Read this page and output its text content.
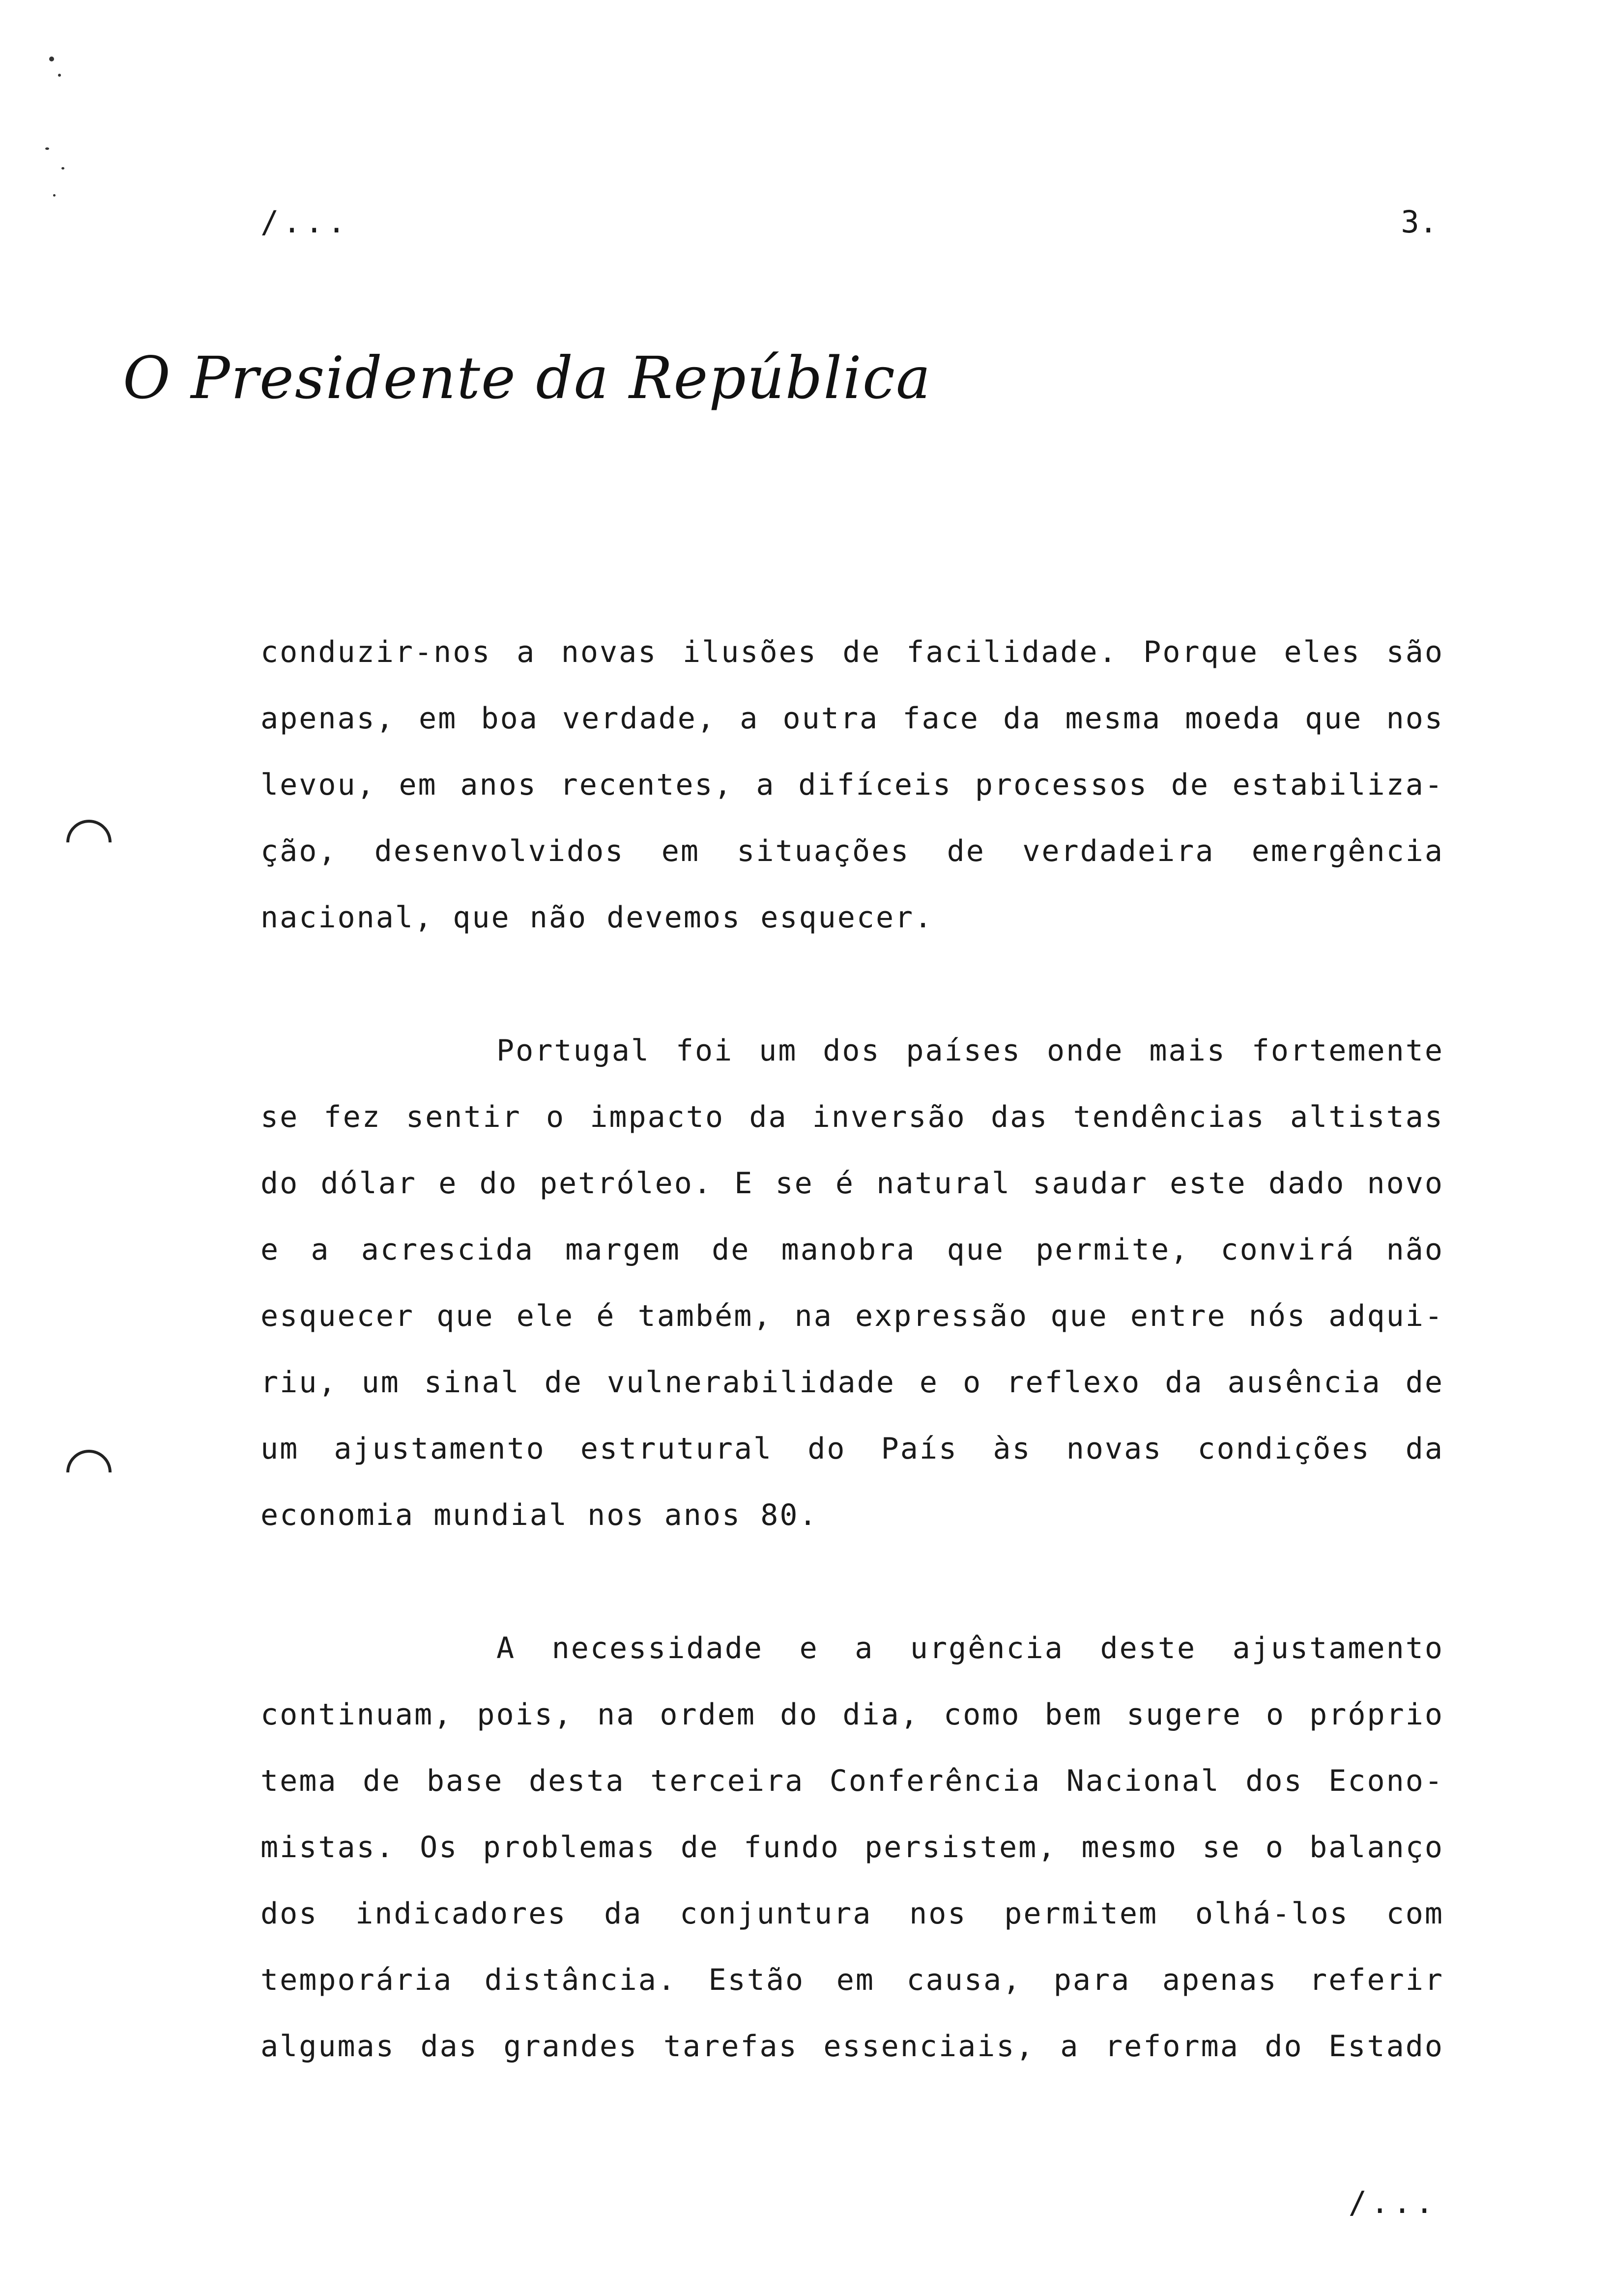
/...	3.
O Presidente da República
conduzir-nos a novas ilusões de facilidade. Porque eles são
apenas, em boa verdade, a outra face da mesma moeda que nos
levou, em anos recentes, a difíceis processos de estabiliza-
ção, desenvolvidos em situações de verdadeira emergência
nacional, que não devemos esquecer.
Portugal foi um dos países onde mais fortemente
se fez sentir o impacto da inversão das tendências altistas
do dólar e do petróleo. E se é natural saudar este dado novo
e a acrescida margem de manobra que permite, convirá não
esquecer que ele é também, na expressão que entre nós adqui-
riu, um sinal de vulnerabilidade e o reflexo da ausência de
um ajustamento estrutural do País às novas condições da
economia mundial nos anos 80.
A necessidade e a urgência deste ajustamento
continuam, pois, na ordem do dia, como bem sugere o próprio
tema de base desta terceira Conferência Nacional dos Econo-
mistas. Os problemas de fundo persistem, mesmo se o balanço
dos indicadores da conjuntura nos permitem olhá-los com
temporária distância. Estão em causa, para apenas referir
algumas das grandes tarefas essenciais, a reforma do Estado
/...
